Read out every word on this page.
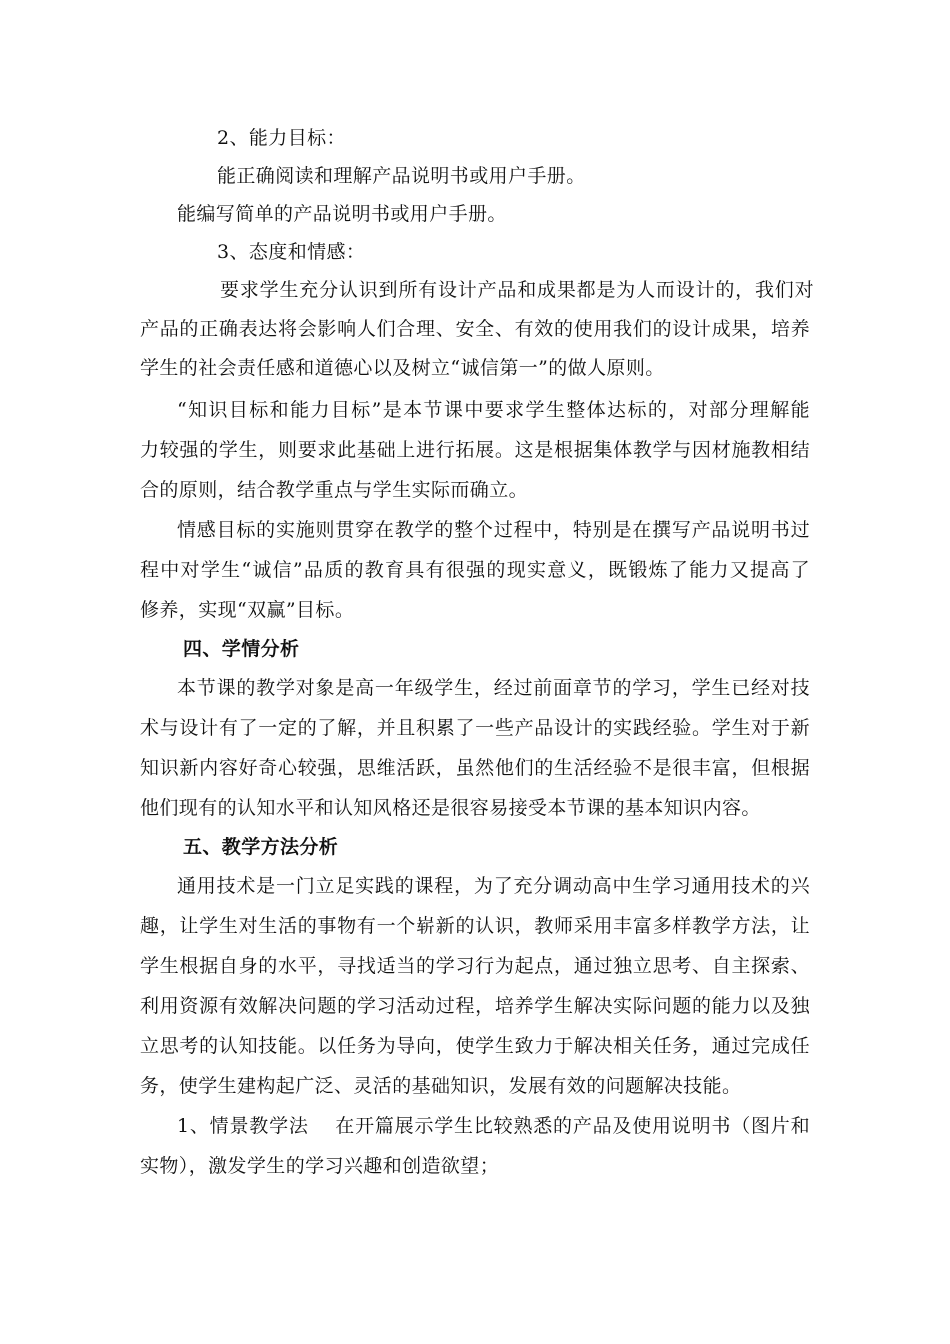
2、能力目标：
能正确阅读和理解产品说明书或用户手册。
能编写简单的产品说明书或用户手册。
3、态度和情感：
要求学生充分认识到所有设计产品和成果都是为人而设计的，我们对
产品的正确表达将会影响人们合理、安全、有效的使用我们的设计成果，培养
学生的社会责任感和道德心以及树立“诚信第一”的做人原则。
“知识目标和能力目标”是本节课中要求学生整体达标的，对部分理解能
力较强的学生，则要求此基础上进行拓展。这是根据集体教学与因材施教相结
合的原则，结合教学重点与学生实际而确立。
情感目标的实施则贯穿在教学的整个过程中，特别是在撰写产品说明书过
程中对学生“诚信”品质的教育具有很强的现实意义，既锻炼了能力又提高了
修养，实现“双赢”目标。
四、学情分析
本节课的教学对象是高一年级学生，经过前面章节的学习，学生已经对技
术与设计有了一定的了解，并且积累了一些产品设计的实践经验。学生对于新
知识新内容好奇心较强，思维活跃，虽然他们的生活经验不是很丰富，但根据
他们现有的认知水平和认知风格还是很容易接受本节课的基本知识内容。
五、教学方法分析
通用技术是一门立足实践的课程，为了充分调动高中生学习通用技术的兴
趣，让学生对生活的事物有一个崭新的认识，教师采用丰富多样教学方法，让
学生根据自身的水平，寻找适当的学习行为起点，通过独立思考、自主探索、
利用资源有效解决问题的学习活动过程，培养学生解决实际问题的能力以及独
立思考的认知技能。以任务为导向，使学生致力于解决相关任务，通过完成任
务，使学生建构起广泛、灵活的基础知识，发展有效的问题解决技能。
1、情景教学法　 在开篇展示学生比较熟悉的产品及使用说明书（图片和
实物），激发学生的学习兴趣和创造欲望；
